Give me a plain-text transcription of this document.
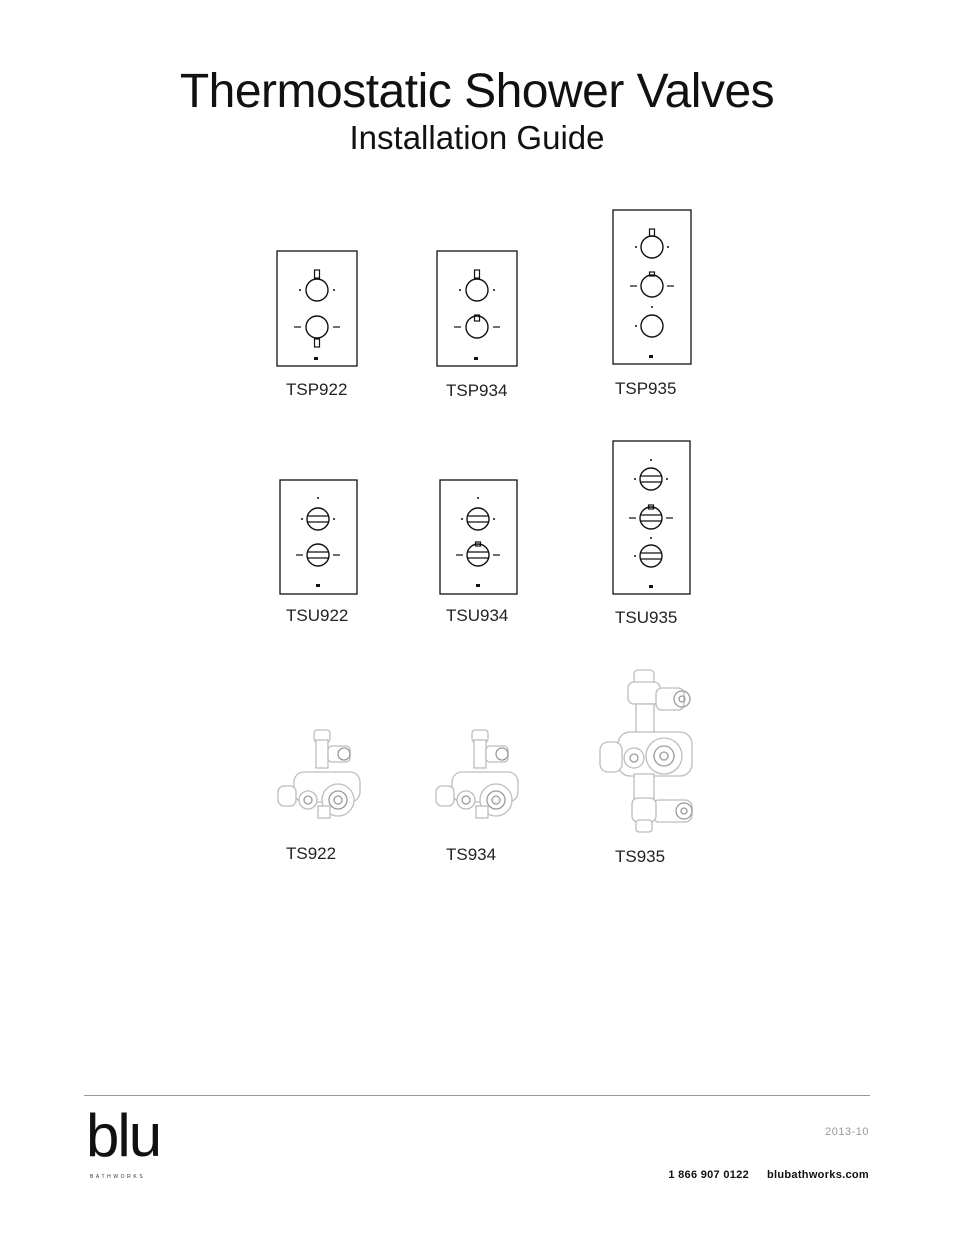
Thermostatic Shower Valves
Installation Guide
TSP922	TSP934	TSP935
TSU922	TSU934	TSU935
TS922	TS934	TS935
blu
BATHWORKS
2013-10
1 866 907 0122 blubathworks.com
